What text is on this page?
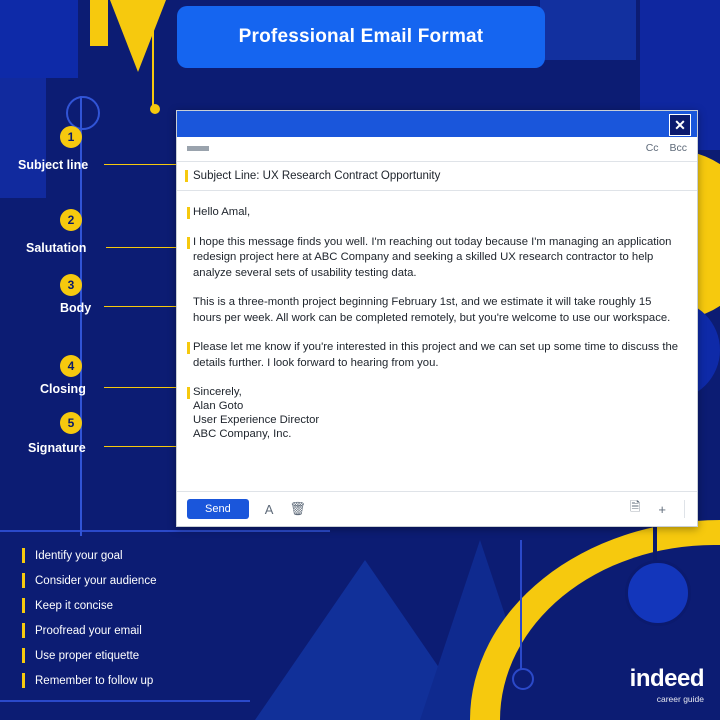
Professional Email Format
1
Subject line
2
Salutation
3
Body
4
Closing
5
Signature
✕
Cc Bcc
Subject Line: UX Research Contract Opportunity

Hello Amal,

I hope this message finds you well. I'm reaching out today because I'm managing an application redesign project here at ABC Company and seeking a skilled UX research contractor to help analyze several sets of usability testing data.

This is a three-month project beginning February 1st, and we estimate it will take roughly 15 hours per week. All work can be completed remotely, but you're welcome to use our workspace.

Please let me know if you're interested in this project and we can set up some time to discuss the details further. I look forward to hearing from you.

Sincerely,
Alan Goto
User Experience Director
ABC Company, Inc.

Send	A 🗑	🗎 +
Identify your goal
Consider your audience
Keep it concise
Proofread your email
Use proper etiquette
Remember to follow up	indeed
career guide
